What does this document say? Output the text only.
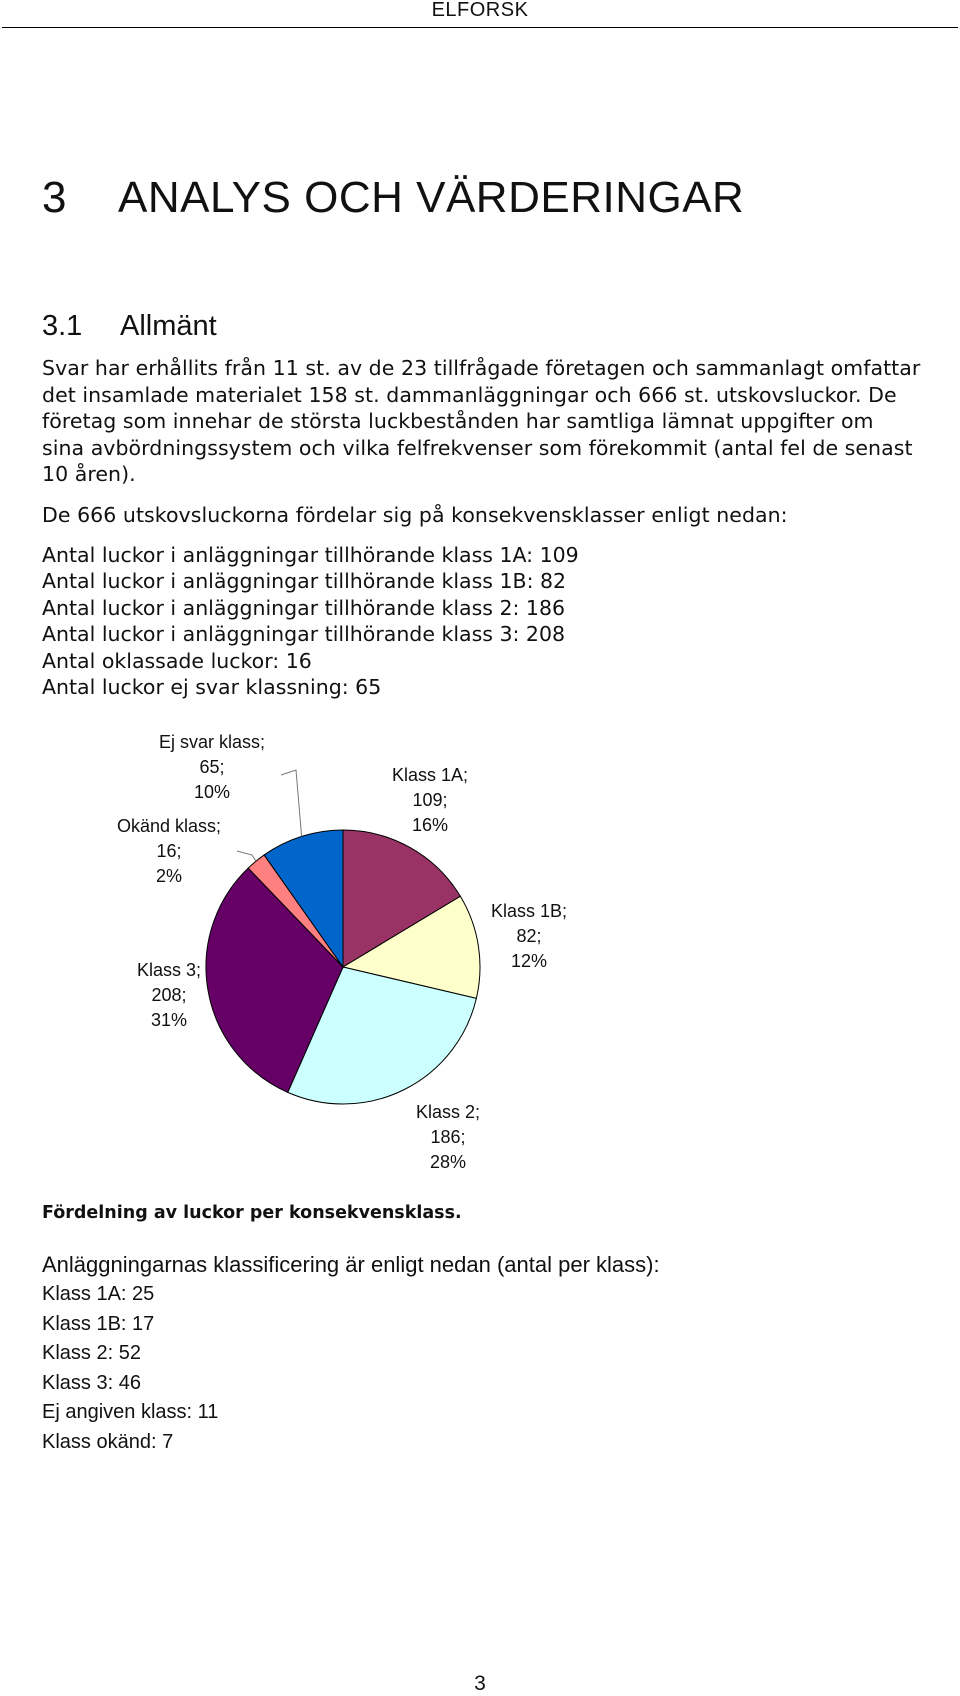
ELFORSK
3 ANALYS OCH VÄRDERINGAR
3.1 Allmänt

Svar har erhållits från 11 st. av de 23 tillfrågade företagen och sammanlagt omfattar det insamlade materialet 158 st. dammanläggningar och 666 st. utskovsluckor. De företag som innehar de största luckbestånden har samtliga lämnat uppgifter om sina avbördningssystem och vilka felfrekvenser som förekommit (antal fel de senast 10 åren).

De 666 utskovsluckorna fördelar sig på konsekvensklasser enligt nedan:

Antal luckor i anläggningar tillhörande klass 1A: 109
Antal luckor i anläggningar tillhörande klass 1B: 82
Antal luckor i anläggningar tillhörande klass 2: 186
Antal luckor i anläggningar tillhörande klass 3: 208
Antal oklassade luckor: 16
Antal luckor ej svar klassning: 65
Klass 1A; 109; 16%
Klass 1B; 82; 12%
Klass 2; 186; 28%
Klass 3; 208; 31%
Okänd klass; 16; 2%
Ej svar klass; 65; 10%

Fördelning av luckor per konsekvensklass.

Anläggningarnas klassificering är enligt nedan (antal per klass):

Klass 1A: 25
Klass 1B: 17
Klass 2: 52
Klass 3: 46
Ej angiven klass: 11
Klass okänd: 7
3
